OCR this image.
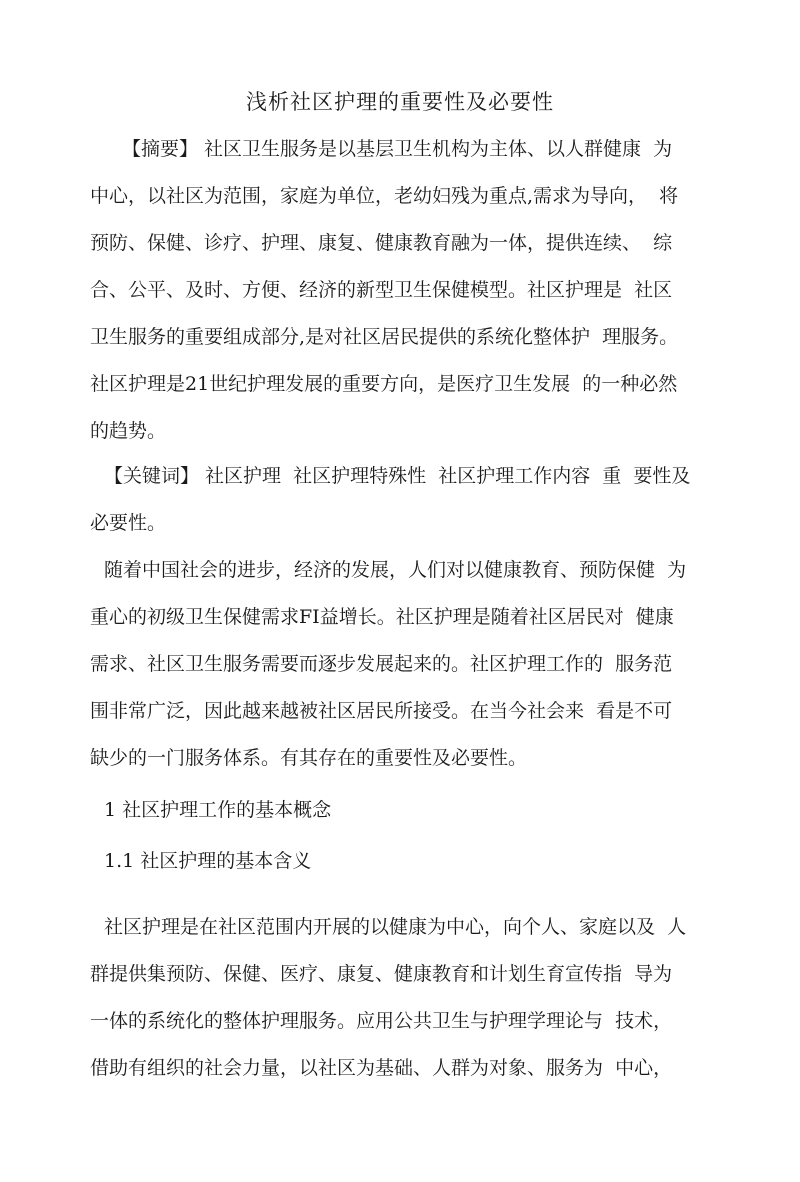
浅析社区护理的重要性及必要性
【摘要】 社区卫生服务是以基层卫生机构为主体、以人群健康  为
中心，以社区为范围，家庭为单位，老幼妇残为重点,需求为导向，  将
预防、保健、诊疗、护理、康复、健康教育融为一体，提供连续、  综
合、公平、及时、方便、经济的新型卫生保健模型。社区护理是  社区
卫生服务的重要组成部分,是对社区居民提供的系统化整体护  理服务。
社区护理是21世纪护理发展的重要方向，是医疗卫生发展  的一种必然
的趋势。
【关键词】 社区护理  社区护理特殊性  社区护理工作内容  重  要性及
必要性。
随着中国社会的进步，经济的发展，人们对以健康教育、预防保健  为
重心的初级卫生保健需求FI益增长。社区护理是随着社区居民对  健康
需求、社区卫生服务需要而逐步发展起来的。社区护理工作的  服务范
围非常广泛，因此越来越被社区居民所接受。在当今社会来  看是不可
缺少的一门服务体系。有其存在的重要性及必要性。
1 社区护理工作的基本概念
1.1 社区护理的基本含义
社区护理是在社区范围内开展的以健康为中心，向个人、家庭以及  人
群提供集预防、保健、医疗、康复、健康教育和计划生育宣传指  导为
一体的系统化的整体护理服务。应用公共卫生与护理学理论与  技术，
借助有组织的社会力量，以社区为基础、人群为对象、服务为  中心，
